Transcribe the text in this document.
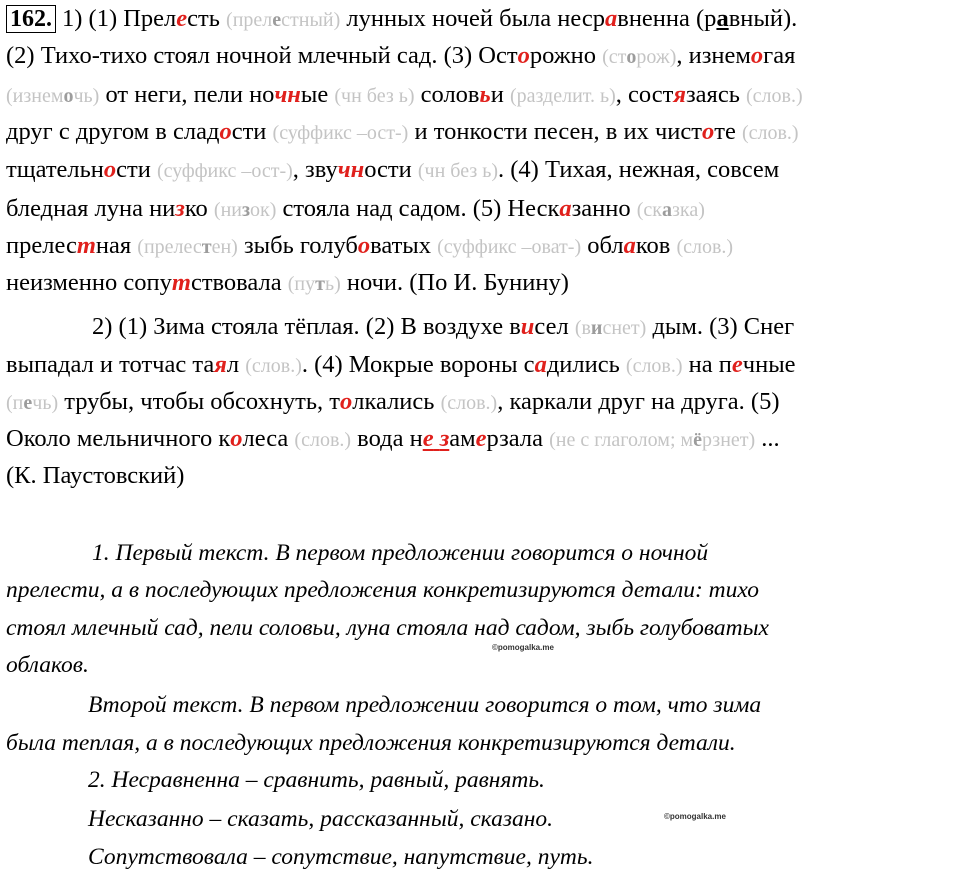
162. 1) (1) Прелесть (прелестный) лунных ночей была несравненна (равный).
(2) Тихо-тихо стоял ночной млечный сад. (3) Осторожно (сторож), изнемогая
(изнемочь) от неги, пели ночные (чн без ь) соловьи (разделит. ь), состязаясь (слов.)
друг с другом в сладости (суффикс –ост-) и тонкости песен, в их чистоте (слов.)
тщательности (суффикс –ост-), звучности (чн без ь). (4) Тихая, нежная, совсем
бледная луна низко (низок) стояла над садом. (5) Несказанно (сказка)
прелестная (прелестен) зыбь голубоватых (суффикс –оват-) облаков (слов.)
неизменно сопутствовала (путь) ночи. (По И. Бунину)
2) (1) Зима стояла тёплая. (2) В воздухе висел (виснет) дым. (3) Снег
выпадал и тотчас таял (слов.). (4) Мокрые вороны садились (слов.) на печные
(печь) трубы, чтобы обсохнуть, толкались (слов.), каркали друг на друга. (5)
Около мельничного колеса (слов.) вода не замерзала (не с глаголом; мёрзнет) ...
(К. Паустовский)
1. Первый текст. В первом предложении говорится о ночной
прелести, а в последующих предложения конкретизируются детали: тихо
стоял млечный сад, пели соловьи, луна стояла над садом, зыбь голубоватых
©pomogalka.me
облаков.
Второй текст. В первом предложении говорится о том, что зима
была теплая, а в последующих предложения конкретизируются детали.
2. Несравненна – сравнить, равный, равнять.
Несказанно – сказать, рассказанный, сказано.	©pomogalka.me
Сопутствовала – сопутствие, напутствие, путь.
